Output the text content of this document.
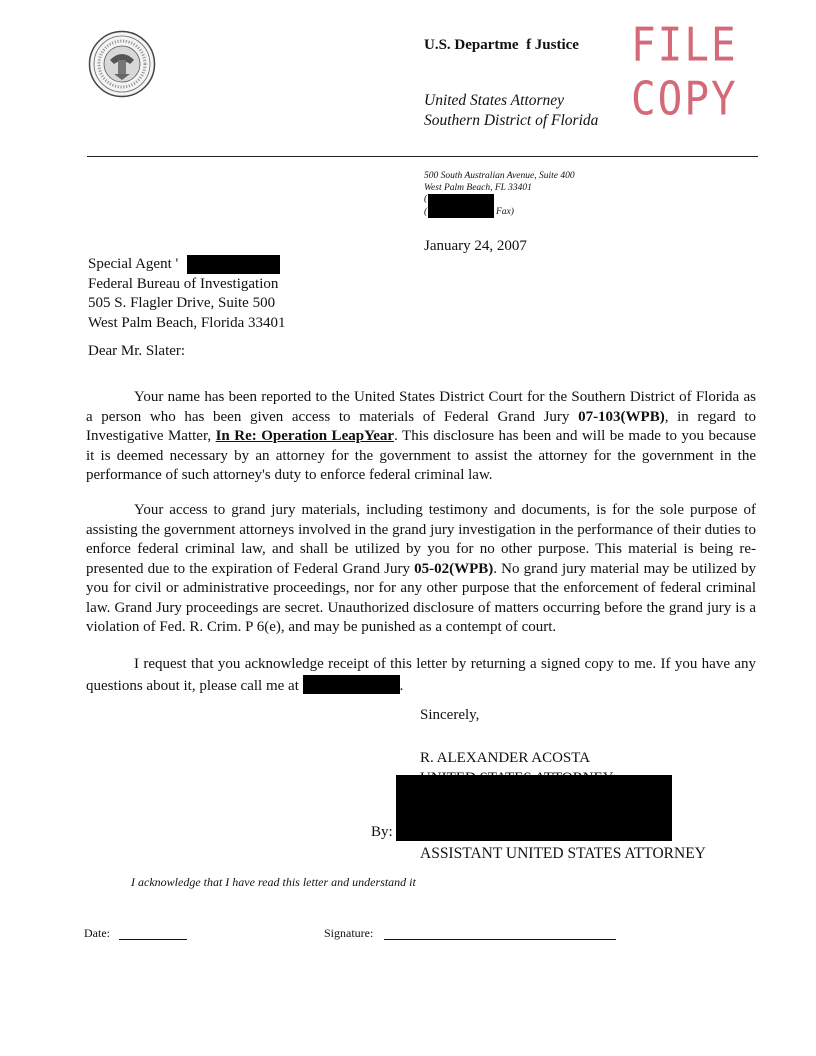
U.S. Departme  f Justice FILE COPY
United States Attorney
Southern District of Florida
500 South Australian Avenue, Suite 400
West Palm Beach, FL 33401
(
(	Fax)
January 24, 2007
Special Agent '
Federal Bureau of Investigation
505 S. Flagler Drive, Suite 500
West Palm Beach, Florida 33401
Dear Mr. Slater:

Your name has been reported to the United States District Court for the Southern District of Florida as a person who has been given access to materials of Federal Grand Jury 07-103(WPB), in regard to Investigative Matter, In Re: Operation LeapYear. This disclosure has been and will be made to you because it is deemed necessary by an attorney for the government to assist the attorney for the government in the performance of such attorney's duty to enforce federal criminal law.

Your access to grand jury materials, including testimony and documents, is for the sole purpose of assisting the government attorneys involved in the grand jury investigation in the performance of their duties to enforce federal criminal law, and shall be utilized by you for no other purpose. This material is being re-presented due to the expiration of Federal Grand Jury 05-02(WPB). No grand jury material may be utilized by you for civil or administrative proceedings, nor for any other purpose that the enforcement of federal criminal law. Grand Jury proceedings are secret. Unauthorized disclosure of matters occurring before the grand jury is a violation of Fed. R. Crim. P 6(e), and may be punished as a contempt of court.

I request that you acknowledge receipt of this letter by returning a signed copy to me. If you have any questions about it, please call me at	.

Sincerely,
R. ALEXANDER ACOSTA
By:
ASSISTANT UNITED STATES ATTORNEY
I acknowledge that I have read this letter and understand it
Date:	Signature:
